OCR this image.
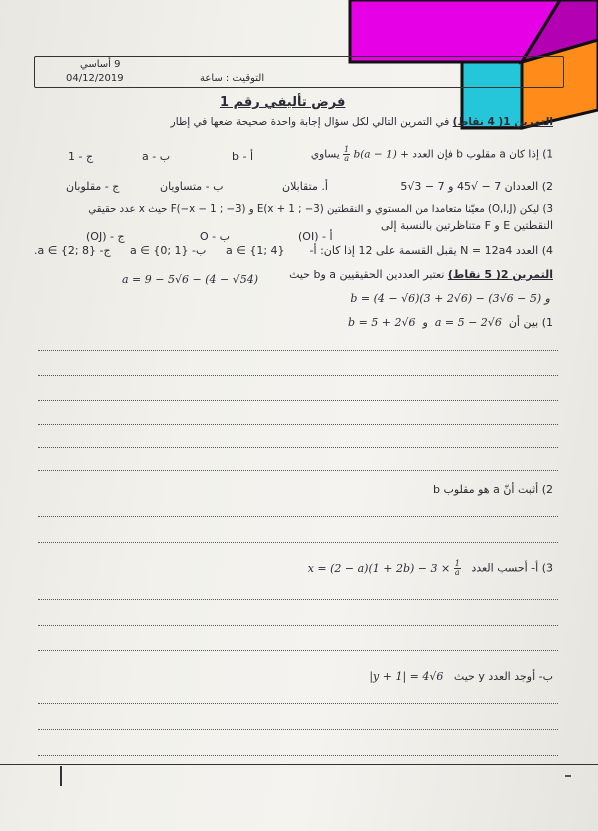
9 أساسي
04/12/2019	التوقيت : ساعة
فرض تأليفي رقم 1
التمرين 1( 4 نقاط) في التمرين التالي لكل سؤال إجابة واحدة صحيحة ضعها في إطار
1) إذا كان a مقلوب b فإن العدد b(a − 1) +
$\frac{1}{a}$
يساوي
أ - b
ب - a
ج - 1
2) العددان 7 − √45 و 7 − 3√5
أ. متقابلان
ب - متساويان
ج - مقلوبان
3) ليكن (O,I,J) معيّنا متعامدا من المستوي و النقطتين E(x + 1 ; −3) و F(−x − 1 ; −3) حيث x عدد حقيقي
النقطتين E و F متناظرتين بالنسبة إلى
أ - (OI)
ب - O
ج - (OJ)
4) العدد N = 12a4 يقبل القسمة على 12 إذا كان: أ-
a ∈ {1; 4}
ب- a ∈ {0; 1}
ج- a ∈ {2; 8}.
التمرين 2( 5 نقاط) نعتبر العددين الحقيقيين a وb حيث
a = 9 − 5√6 − (4 − √54)
و b = (4 − √6)(3 + 2√6) − (3√6 − 5)
1) بين أن  a = 5 − 2√6  و  b = 5 + 2√6
2) أثبت أنّ a هو مقلوب b
3) أ- أحسب العدد   $x = (2 - a)(1 + 2b) - 3 \times \frac{1}{a}$
ب- أوجد العدد y حيث   |y + 1| = 4√6
